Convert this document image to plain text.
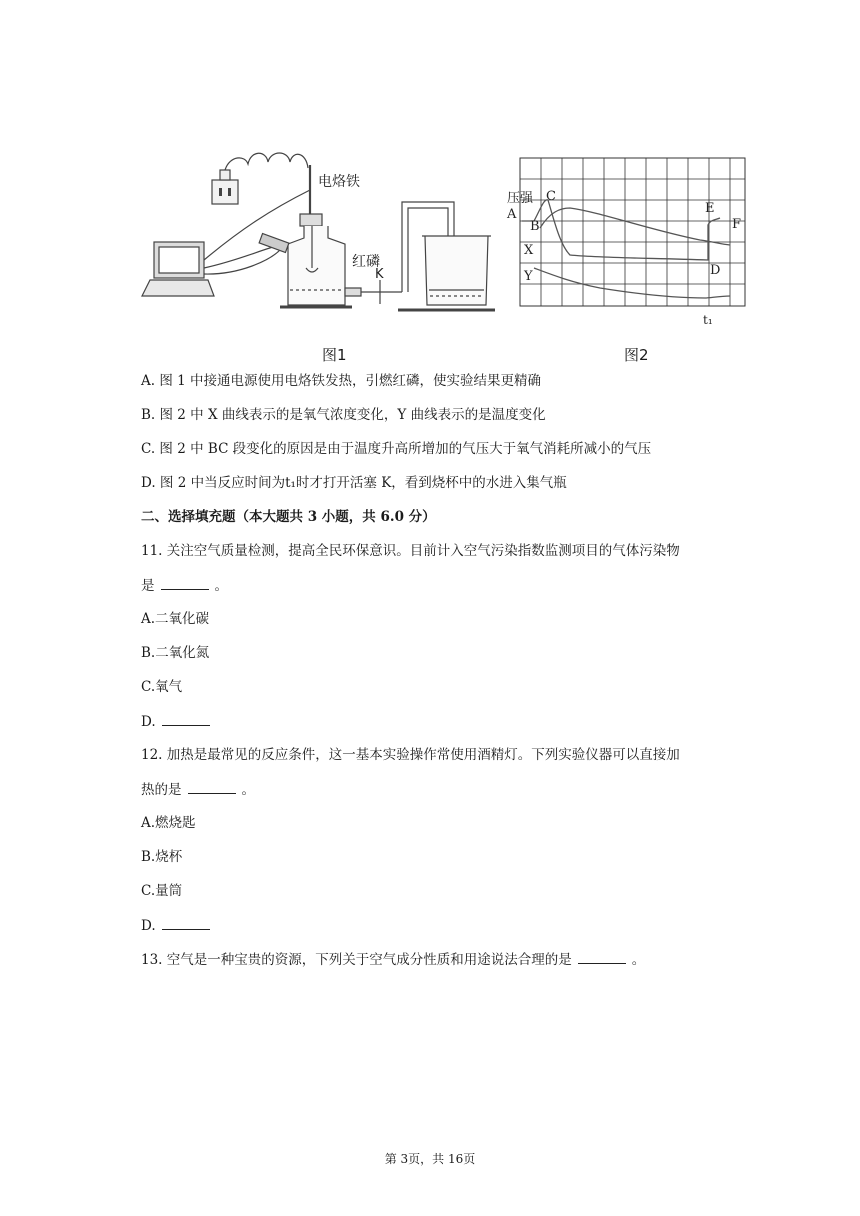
电烙铁
红磷
K
压强
A
B
C
D
E
F
X
Y
t₁
图1	图2
A. 图 1 中接通电源使用电烙铁发热，引燃红磷，使实验结果更精确
B. 图 2 中 X 曲线表示的是氧气浓度变化，Y 曲线表示的是温度变化
C. 图 2 中 BC 段变化的原因是由于温度升高所增加的气压大于氧气消耗所减小的气压
D. 图 2 中当反应时间为t₁时才打开活塞 K，看到烧杯中的水进入集气瓶
二、选择填充题（本大题共 3 小题，共 6.0 分）
11. 关注空气质量检测，提高全民环保意识。目前计入空气污染指数监测项目的气体污染物
是	。
A.二氧化碳
B.二氧化氮
C.氧气
D.
12. 加热是最常见的反应条件，这一基本实验操作常使用酒精灯。下列实验仪器可以直接加
热的是	。
A.燃烧匙
B.烧杯
C.量筒
D.
13. 空气是一种宝贵的资源，下列关于空气成分性质和用途说法合理的是	。
第 3页，共 16页
